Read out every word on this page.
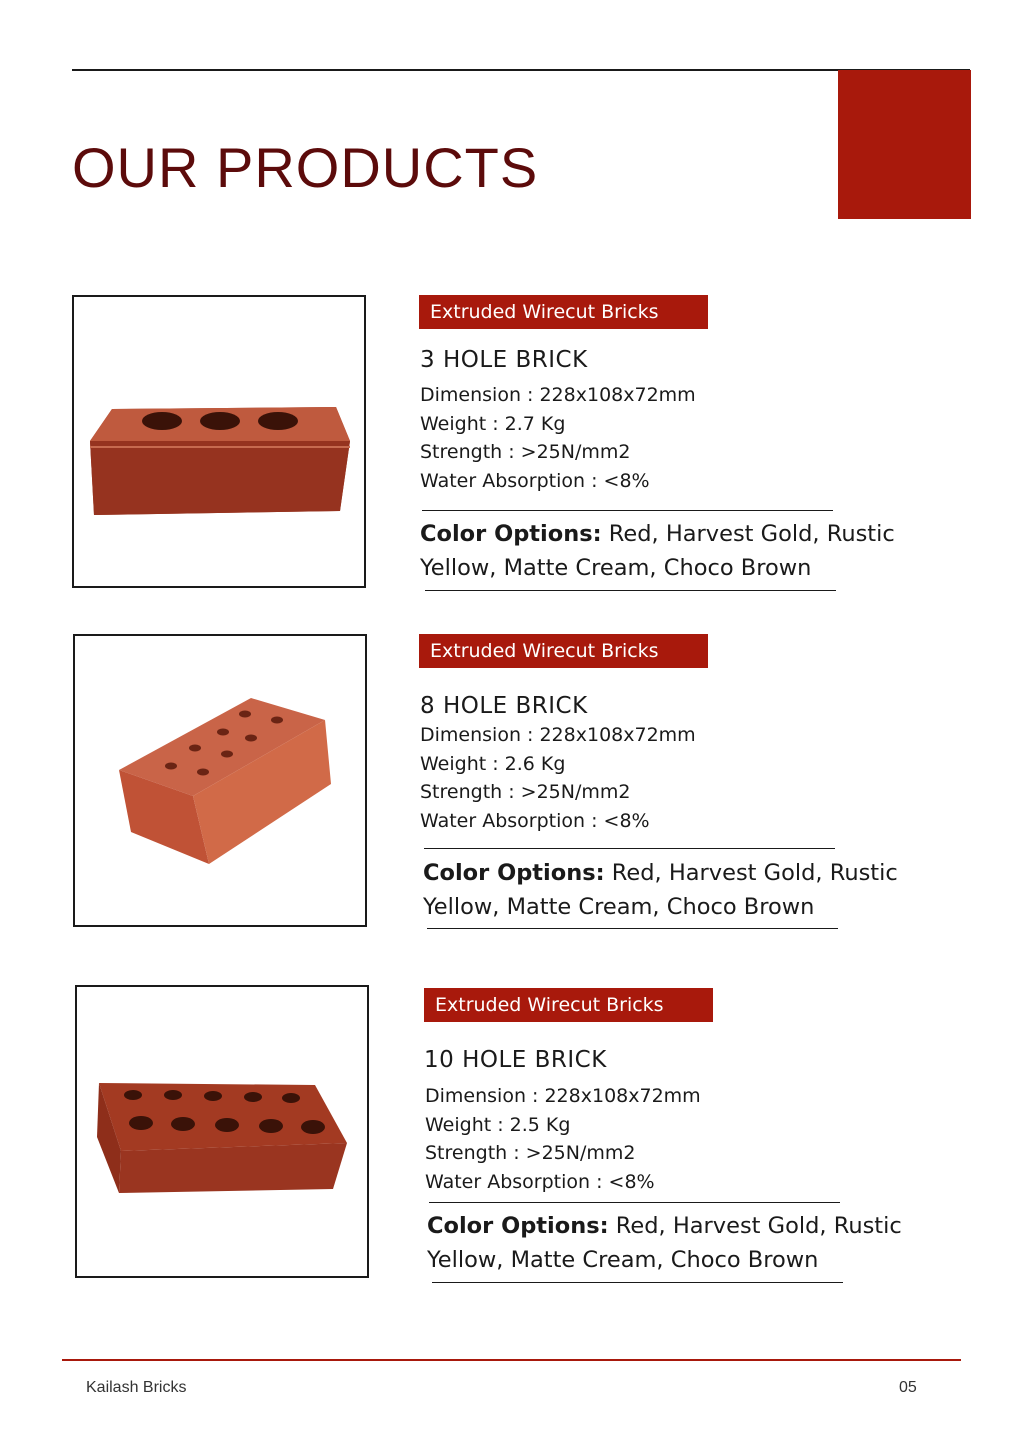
OUR PRODUCTS
Extruded Wirecut Bricks
3 HOLE BRICK
Dimension : 228x108x72mm
Weight : 2.7 Kg
Strength : >25N/mm2
Water Absorption : <8%
Color Options: Red, Harvest Gold, Rustic Yellow, Matte Cream, Choco Brown
Extruded Wirecut Bricks
8 HOLE BRICK
Dimension : 228x108x72mm
Weight : 2.6 Kg
Strength : >25N/mm2
Water Absorption : <8%
Color Options: Red, Harvest Gold, Rustic Yellow, Matte Cream, Choco Brown
Extruded Wirecut Bricks
10 HOLE BRICK
Dimension : 228x108x72mm
Weight : 2.5 Kg
Strength : >25N/mm2
Water Absorption : <8%
Color Options: Red, Harvest Gold, Rustic Yellow, Matte Cream, Choco Brown
Kailash Bricks	05
